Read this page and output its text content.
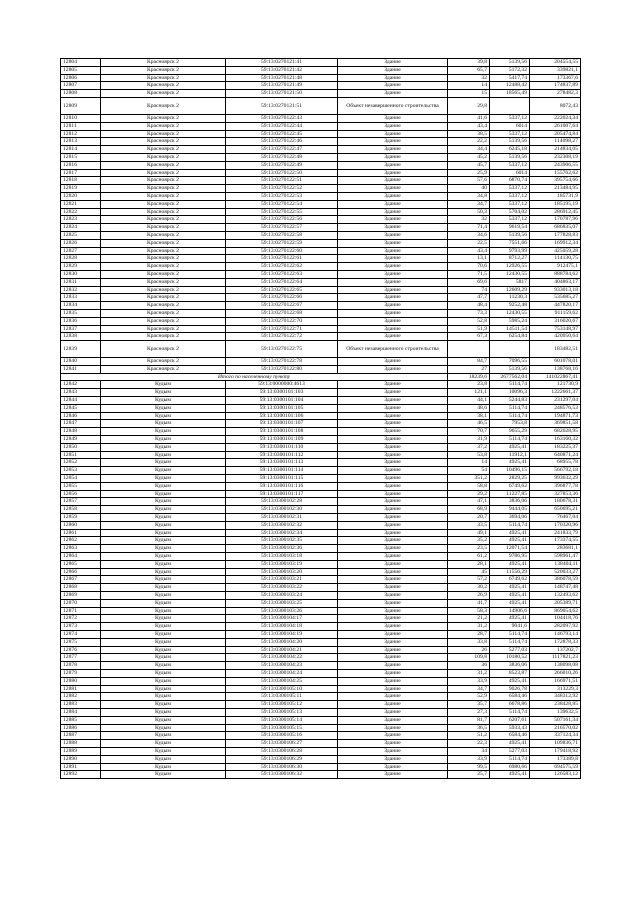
12804	Красноярск 2	59:13:0270121:41	Здание	39,8	5139,56	204554,55
12805	Красноярск 2	59:13:0270121:42	Здание	65,7	5172,32	339821,1
12806	Красноярск 2	59:13:0270121:48	Здание	32	5417,74	173367,6
12807	Красноярск 2	59:13:0270121:49	Здание	14	12488,42	174837,89
12808	Красноярск 2	59:13:0270121:50	Здание	15	18565,49	278482,3
12809	Красноярск 2	59:13:0270121:51	Объект незавершенного строительства	29,8		8072,43
12810	Красноярск 2	59:13:0270122:43	Здание	41,6	5337,12	222024,34
12811	Красноярск 2	59:13:0270122:44	Здание	43,4	6014	261007,64
12812	Красноярск 2	59:13:0270122:45	Здание	38,5	5337,12	205474,84
12813	Красноярск 2	59:13:0270122:46	Здание	22,2	5139,56	114098,27
12814	Красноярск 2	59:13:0270122:47	Здание	34,4	6245,18	214834,05
12815	Красноярск 2	59:13:0270122:48	Здание	45,2	5139,56	232308,19
12816	Красноярск 2	59:13:0270122:49	Здание	45,7	5337,12	243906,55
12817	Красноярск 2	59:13:0270122:50	Здание	25,9	6014	155762,62
12818	Красноярск 2	59:13:0270122:51	Здание	57,6	6870,74	395754,66
12819	Красноярск 2	59:13:0270122:52	Здание	40	5337,12	213484,95
12820	Красноярск 2	59:13:0270122:53	Здание	34,8	5337,12	185731,9
12821	Красноярск 2	59:13:0270122:54	Здание	34,7	5337,12	185195,19
12822	Красноярск 2	59:13:0270122:55	Здание	50,3	5704,02	286912,45
12823	Красноярск 2	59:13:0270122:56	Здание	32	5337,12	170787,96
12824	Красноярск 2	59:13:0270122:57	Здание	71,4	9619,54	686835,07
12825	Красноярск 2	59:13:0270122:58	Здание	34,6	5139,56	177828,83
12826	Красноярск 2	59:13:0270122:59	Здание	22,5	7551,66	169912,34
12827	Красноярск 2	59:13:0270122:60	Здание	43,4	9793,99	425059,28
12828	Красноярск 2	59:13:0270122:61	Здание	13,1	8712,27	114130,75
12829	Красноярск 2	59:13:0270122:62	Здание	70,6	12926,55	912475,1
12830	Красноярск 2	59:13:0270122:63	Здание	71,5	12430,55	888784,62
12831	Красноярск 2	59:13:0270122:64	Здание	69,6	5817	404863,17
12832	Красноярск 2	59:13:0270122:65	Здание	74	12609,29	933013,18
12833	Красноярск 2	59:13:0270122:66	Здание	47,7	11230,3	535685,27
12834	Красноярск 2	59:13:0270122:67	Здание	48,4	9252,48	447820,17
12835	Красноярск 2	59:13:0270122:68	Здание	73,3	12430,55	911159,62
12836	Красноярск 2	59:13:0270122:70	Здание	52,8	5985,24	316020,67
12837	Красноярск 2	59:13:0270122:71	Здание	51,9	14511,54	753148,97
12838	Красноярск 2	59:13:0270122:72	Здание	67,3	6254,84	420950,64
12839	Красноярск 2	59:13:0270122:75	Объект незавершенного строительства			183482,51
12840	Красноярск 2	59:13:0270122:78	Здание	84,7	7096,55	601078,01
12841	Красноярск 2	59:13:0270122:80	Здание	27	5139,56	138768,16
Итого по населенному пункту				18239,6	2677562,04	141022867,41
12842	Кудым	59:13:0000000:4613	Здание	23,8	5114,74	121730,9
12843	Кудым	59:13:0300101:103	Здание	121,1	10096,3	1222661,37
12844	Кудым	59:13:0300101:104	Здание	44,1	5244,83	231297,04
12845	Кудым	59:13:0300101:105	Здание	48,6	5114,74	248576,53
12846	Кудым	59:13:0300101:106	Здание	38,1	5114,74	194871,73
12847	Кудым	59:13:0300101:107	Здание	46,5	7953,8	369851,58
12848	Кудым	59:13:0300101:108	Здание	70,7	9655,29	682628,95
12849	Кудым	59:13:0300101:109	Здание	31,9	5114,74	163160,32
12850	Кудым	59:13:0300101:110	Здание	37,2	4925,41	183225,37
12851	Кудым	59:13:0300101:112	Здание	53,8	11912,1	640871,24
12852	Кудым	59:13:0300101:113	Здание	14	4925,41	68955,78
12853	Кудым	59:13:0300101:114	Здание	54	10496,15	566792,18
12854	Кудым	59:13:0300101:115	Здание	351,2	2829,25	993632,29
12855	Кудым	59:13:0300101:116	Здание	58,8	6749,62	396877,78
12856	Кудым	59:13:0300101:117	Здание	29,2	11227,85	327853,36
12857	Кудым	59:13:0300102:28	Здание	47,1	3836,06	180678,31
12858	Кудым	59:13:0300102:30	Здание	68,9	9444,05	650695,21
12859	Кудым	59:13:0300102:31	Здание	20,7	3694,06	76467,04
12860	Кудым	59:13:0300102:32	Здание	33,5	5114,74	170320,96
12861	Кудым	59:13:0300102:34	Здание	49,1	4925,41	241833,79
12862	Кудым	59:13:0300102:35	Здание	35,2	4925,41	173374,55
12863	Кудым	59:13:0300102:36	Здание	23,5	12071,54	283681,1
12864	Кудым	59:13:0300103:18	Здание	61,2	9786,95	598961,47
12865	Кудым	59:13:0300103:19	Здание	28,1	4925,41	138404,11
12866	Кудым	59:13:0300103:20	Здание	45	11556,29	520033,27
12867	Кудым	59:13:0300103:21	Здание	57,2	6749,62	386078,59
12868	Кудым	59:13:0300103:22	Здание	30,2	4925,41	148747,48
12869	Кудым	59:13:0300103:24	Здание	26,9	4925,41	132493,62
12870	Кудым	59:13:0300103:25	Здание	41,7	4925,41	205389,71
12871	Кудым	59:13:0300103:26	Здание	58,3	14906,6	869054,62
12872	Кудым	59:13:0300104:17	Здание	21,2	4925,41	104418,76
12873	Кудым	59:13:0300104:18	Здание	31,2	9041,6	282097,92
12874	Кудым	59:13:0300104:19	Здание	28,7	5114,74	146793,14
12875	Кудым	59:13:0300104:20	Здание	33,8	5114,74	172878,33
12876	Кудым	59:13:0300104:21	Здание	26	5277,03	137202,7
12877	Кудым	59:13:0300104:22	Здание	109,8	10180,52	1117821,23
12878	Кудым	59:13:0300104:23	Здание	36	3836,06	138098,08
12879	Кудым	59:13:0300104:24	Здание	31,2	8523,87	266010,26
12880	Кудым	59:13:0300104:25	Здание	33,9	4925,41	166971,51
12881	Кудым	59:13:0300105:10	Здание	34,7	9026,78	313229,3
12882	Кудым	59:13:0300105:11	Здание	52,9	6584,46	348312,92
12883	Кудым	59:13:0300105:12	Здание	35,7	6678,86	238428,85
12884	Кудым	59:13:0300105:13	Здание	27,3	5114,74	139632,5
12885	Кудым	59:13:0300105:14	Здание	81,7	6207,61	507161,34
12886	Кудым	59:13:0300105:15	Здание	36,5	5933,43	216570,02
12887	Кудым	59:13:0300105:16	Здание	51,2	6584,46	337124,34
12888	Кудым	59:13:0300106:27	Здание	22,3	4925,41	109836,71
12889	Кудым	59:13:0300106:28	Здание	34	5277,03	179418,92
12890	Кудым	59:13:0300106:29	Здание	33,9	5114,74	173389,8
12891	Кудым	59:13:0300106:30	Здание	99,5	6980,66	694575,59
12892	Кудым	59:13:0300106:32	Здание	25,7	4925,41	126583,12
